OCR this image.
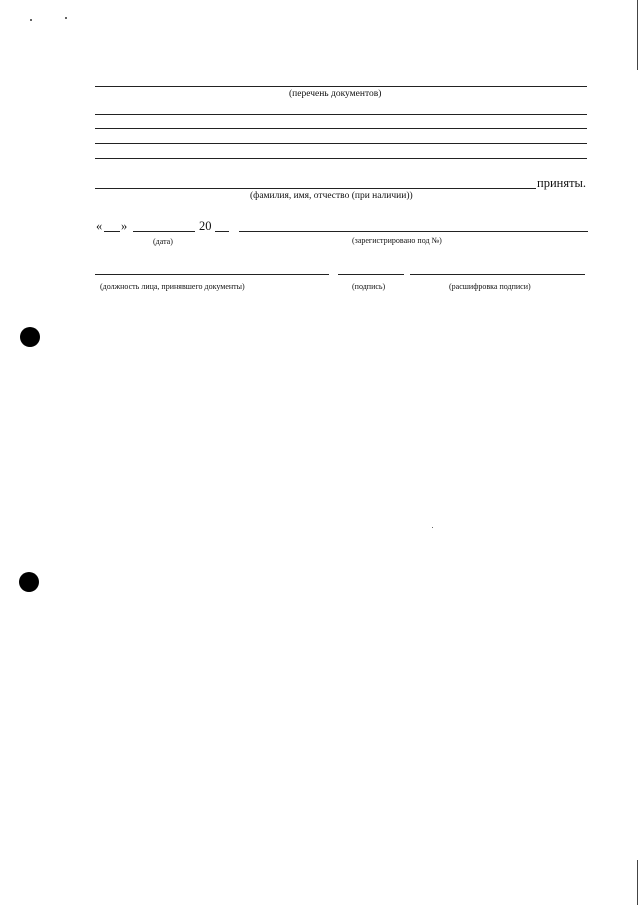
(перечень документов)
приняты.
(фамилия, имя, отчество (при наличии))
« »	20
(дата)	(зарегистрировано под №)
(должность лица, принявшего документы)	(подпись)	(расшифровка подписи)
